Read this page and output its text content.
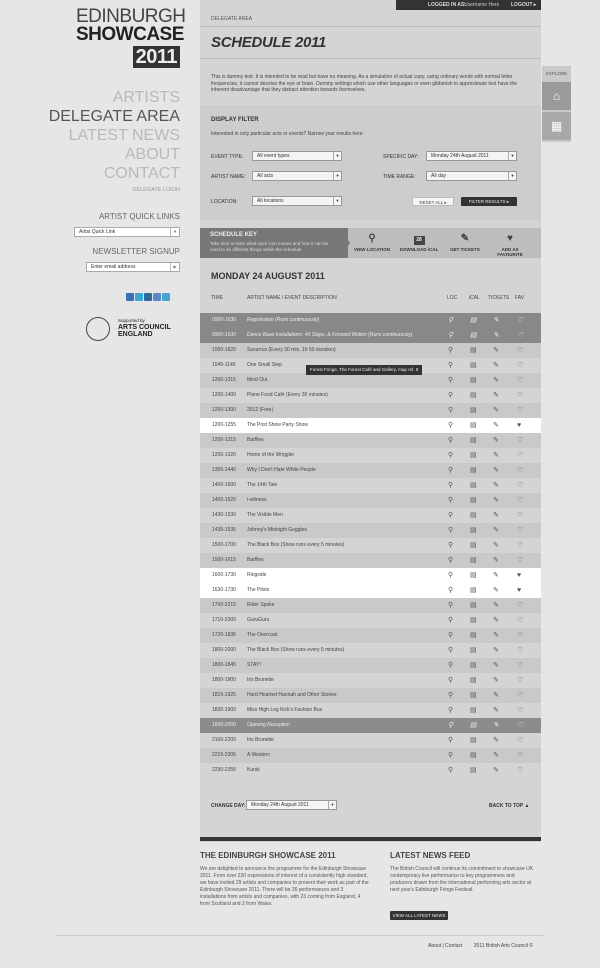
EDINBURGH
SHOWCASE
2011
ARTISTS
DELEGATE AREA
LATEST NEWS
ABOUT
CONTACT
DELEGATE LOGIN
ARTIST QUICK LINKS
Artist Quick Link	▼
NEWSLETTER SIGNUP
Enter email address	▶
Supported by
ARTS COUNCIL
ENGLAND
LOGGED IN AS:
Username Here LOGOUT ▸
DELEGATE AREA
SCHEDULE 2011
This is dummy text. It is intended to be read but have no meaning. As a simulation of actual copy, using ordinary words with normal letter frequencies, it cannot deceive the eye or brain. Dummy settings which use other languages or even gibberish to approximate text have the inherent disadvantage that they distract attention towards themselves.
DISPLAY FILTER
Interested in only particular acts or events? Narrow your results here:
EVENT TYPE:	All event types	▼
ARTIST NAME:	All acts	▼
LOCATION:	All locations	▼
SPECIFIC DAY:	Monday 24th August 2011	▼
TIME RANGE:	All day	▼
RESET ALL ▸	FILTER RESULTS ▸
SCHEDULE KEY
Take time to learn what each icon means and how it can be used to do different things within the schedule
⚲
VIEW LOCATION
28
DOWNLOAD iCAL
✎
GET TICKETS
♥
ADD AS FAVOURITE
MONDAY 24 AUGUST 2011
TIME	ARTIST NAME / EVENT DESCRIPTION	LOC iCAL TICKETS FAV
0900-1630 Registration (Runs continuously)	⚲ ▤ ✎	♡
0900-1630 Dance Base Installations: 49 Steps, & Forward Motion (Runs continuously)	⚲ ▤ ✎	♡
1000-1820 Susurrus (Every 30 min, 1h 50 duration)	⚲ ▤ ✎	♡
1045-1145 One Small Step	⚲ ▤ ✎	♡
1200-1315 Mind Out	⚲ ▤ ✎	♡
1200-1400 Plane Food Café (Every 30 minutes)	⚲ ▤ ✎	♡
1200-1300 2012 (Free)	⚲ ▤ ✎	♡
1200-1255 The Post Show Party Show	⚲ ▤ ✎	♥
1200-1315 Barflies	⚲ ▤ ✎	♡
1200-1320 Home of the Wriggler	⚲ ▤ ✎	♡
1355-1440 Why I Don't Hate White People	⚲ ▤ ✎	♡
1400-1500 The 14th Tale	⚲ ▤ ✎	♡
1400-1520 i-witness	⚲ ▤ ✎	♡
1430-1530 The Visible Men	⚲ ▤ ✎	♡
1435-1535 Johnny's Midnight Goggles	⚲ ▤ ✎	♡
1500-1700 The Black Box (Show runs every 5 minutes)	⚲ ▤ ✎	♡
1500-1615 Barflies	⚲ ▤ ✎	♡
1600-1730 Ringside	⚲ ▤ ✎	♥
1630-1730 The Pilots	⚲ ▤ ✎	♥
1700-2215 Rider Spoke	⚲ ▤ ✎	♡
1710-2300 GuruGuru	⚲ ▤ ✎	♡
1720-1835 The Overcoat	⚲ ▤ ✎	♡
1800-2000 The Black Box (Show runs every 5 minutes)	⚲ ▤ ✎	♡
1800-1845 STAY!	⚲ ▤ ✎	♡
1800-1900 Iris Brunette	⚲ ▤ ✎	♡
1815-1925 Hard Hearted Hannah and Other Stories	⚲ ▤ ✎	♡
1830-1900 Miss High Leg Kick's Fashion Bus	⚲ ▤ ✎	♡
1830-2000 Opening Reception	⚲ ▤ ✎	♡
2100-2200 Iris Brunette	⚲ ▤ ✎	♡
2215-2305 A Western	⚲ ▤ ✎	♡
2230-2355 Kursk	⚲ ▤ ✎	♡
Forest Fringe, The Forest Café and Gallery, map ref. 8
CHANGE DAY:	Monday 24th August 2011	▼	BACK TO TOP ▲
THE EDINBURGH SHOWCASE 2011
We are delighted to announce the programme for the Edinburgh Showcase 2011. From over 220 expressions of interest of a consistently high standard, we have invited 29 artists and companies to present their work as part of the Edinburgh Showcase 2011. There will be 26 performances and 3 installations from artists and companies, with 23 coming from England, 4 from Scotland and 2 from Wales.
LATEST NEWS FEED
The British Council will continue its commitment to showcase UK contemporary live performance to key programmers and producers drawn from the international performing arts sector at next year's Edinburgh Fringe Festival.
VIEW ALL LATEST NEWS
About | Contact 2011 British Arts Council ©
EXPLORE
⌂
▦
